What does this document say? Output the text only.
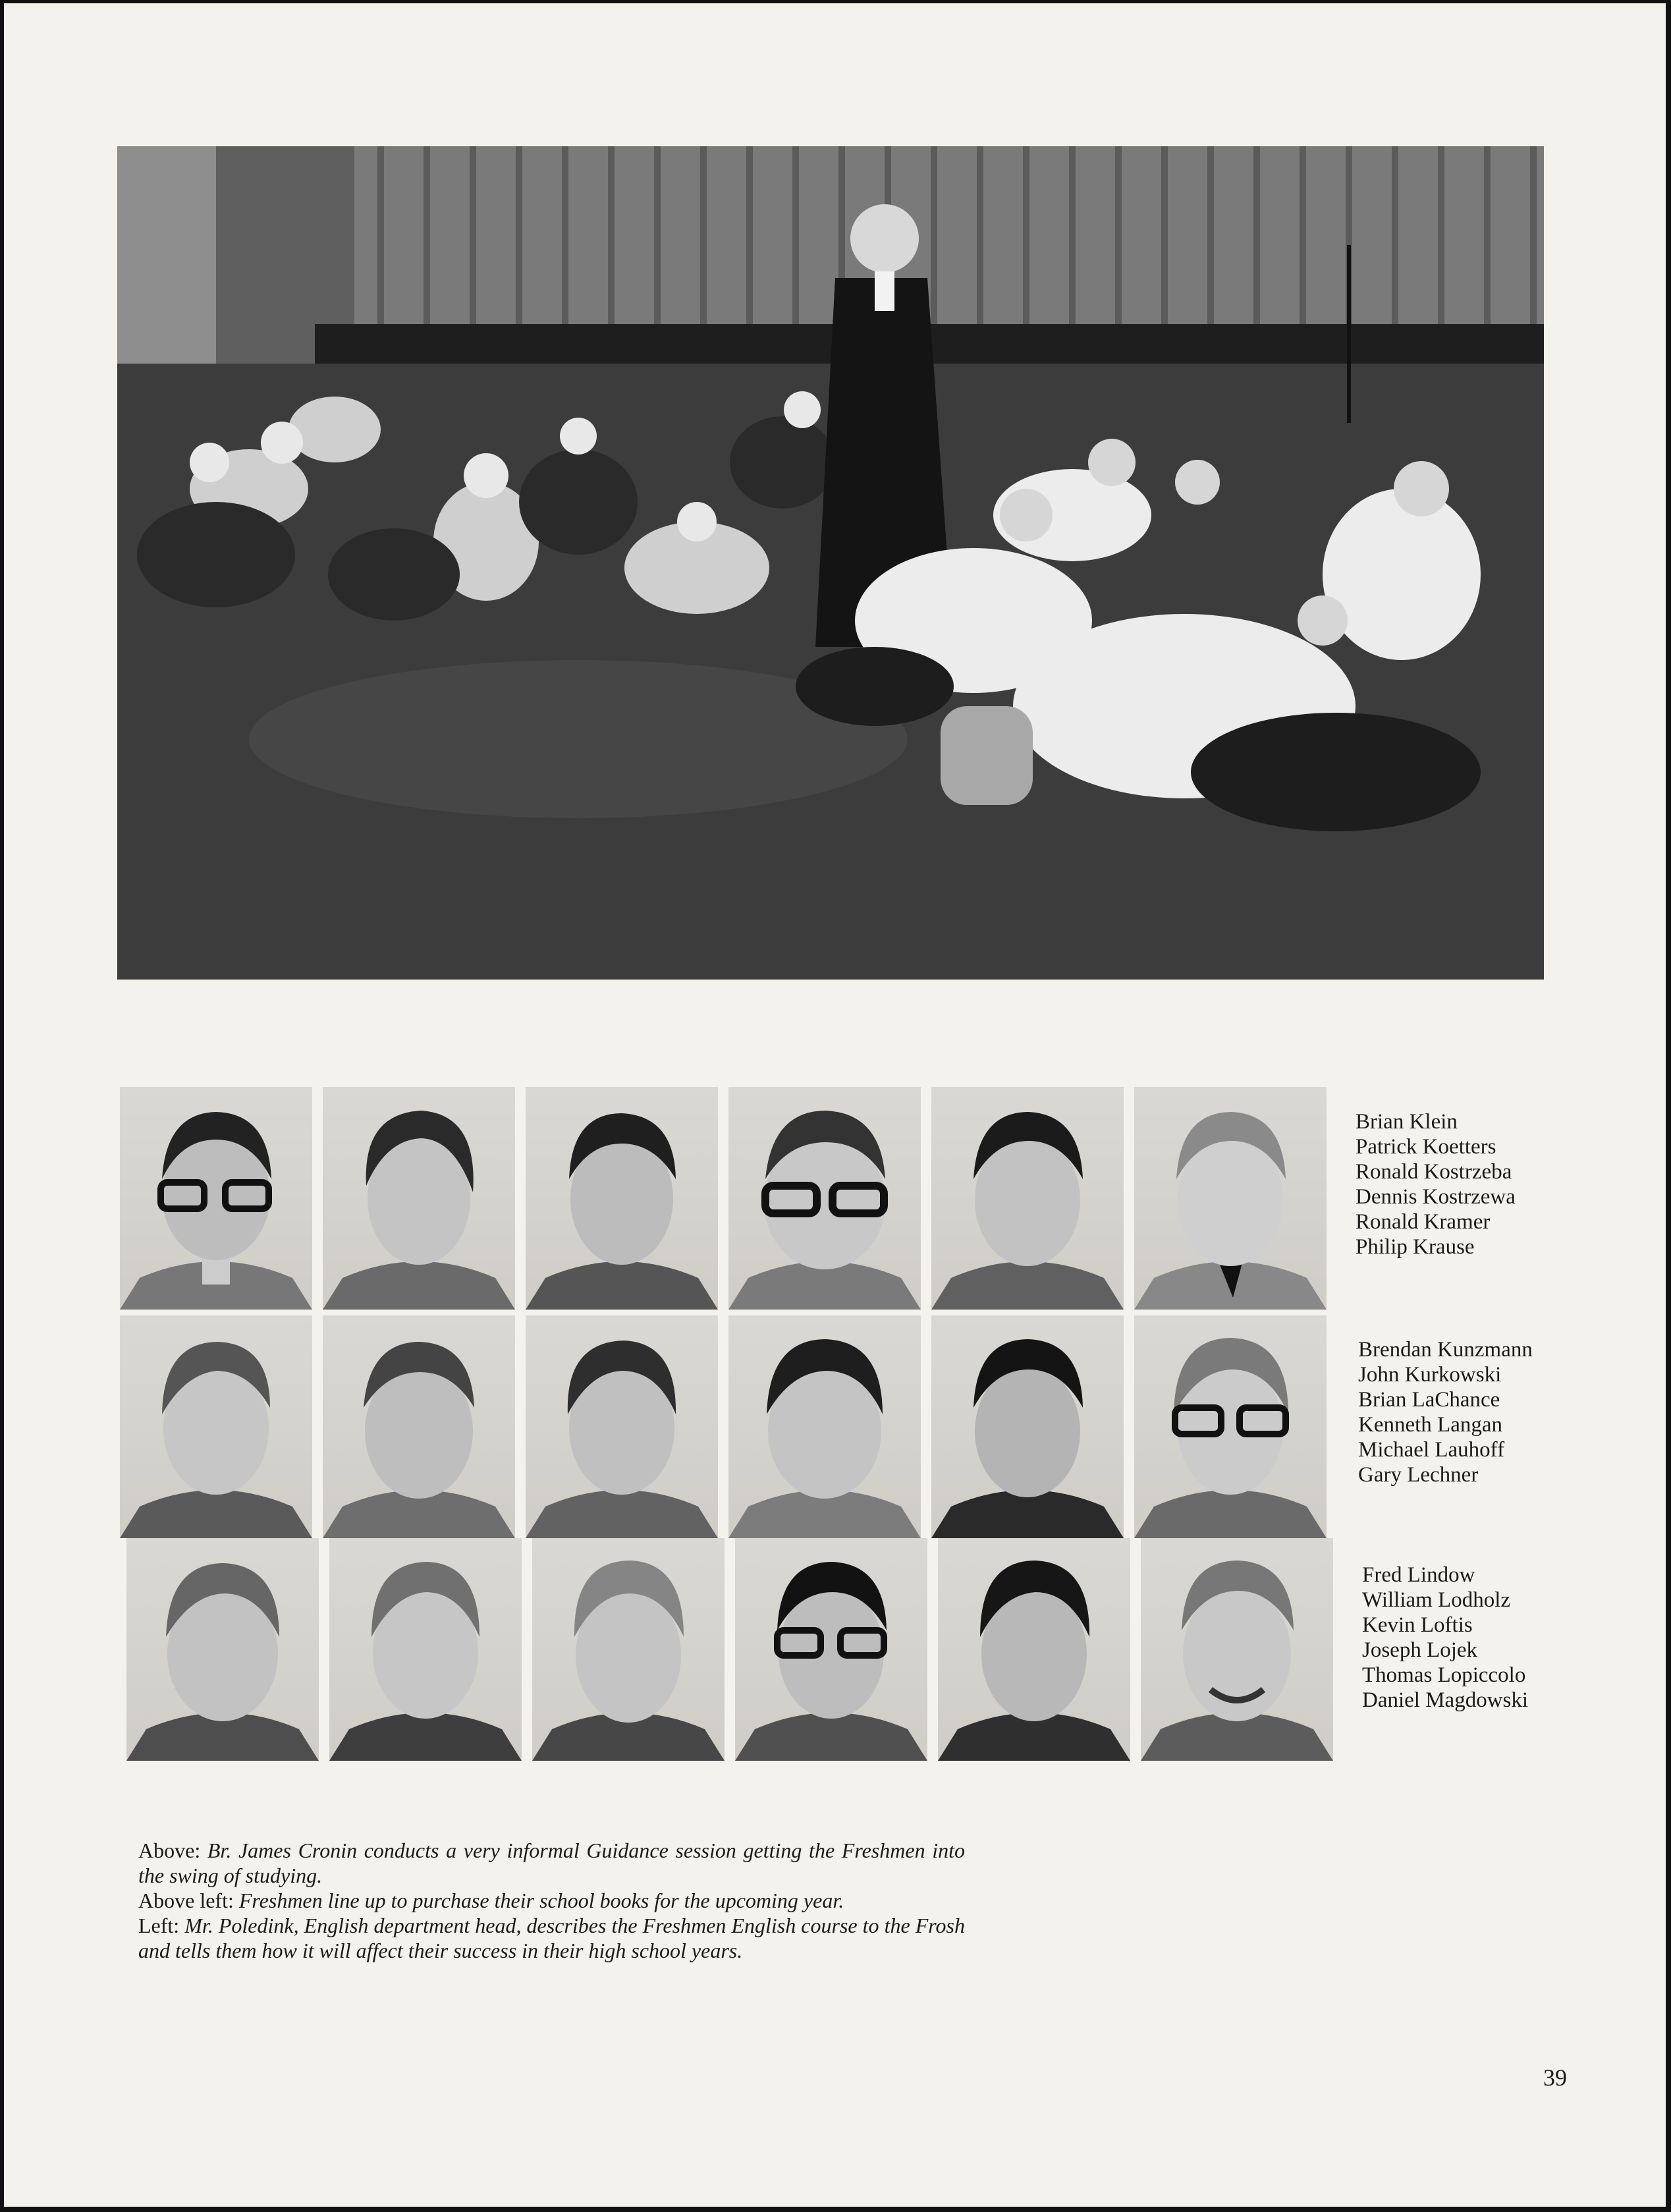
Brian Klein
Patrick Koetters
Ronald Kostrzeba
Dennis Kostrzewa
Ronald Kramer
Philip Krause
Brendan Kunzmann
John Kurkowski
Brian LaChance
Kenneth Langan
Michael Lauhoff
Gary Lechner
Fred Lindow
William Lodholz
Kevin Loftis
Joseph Lojek
Thomas Lopiccolo
Daniel Magdowski

Above: Br. James Cronin conducts a very informal Guidance session getting the Freshmen into the swing of studying.

Above left: Freshmen line up to purchase their school books for the upcoming year.

Left: Mr. Poledink, English department head, describes the Freshmen English course to the Frosh and tells them how it will affect their success in their high school years.

39
